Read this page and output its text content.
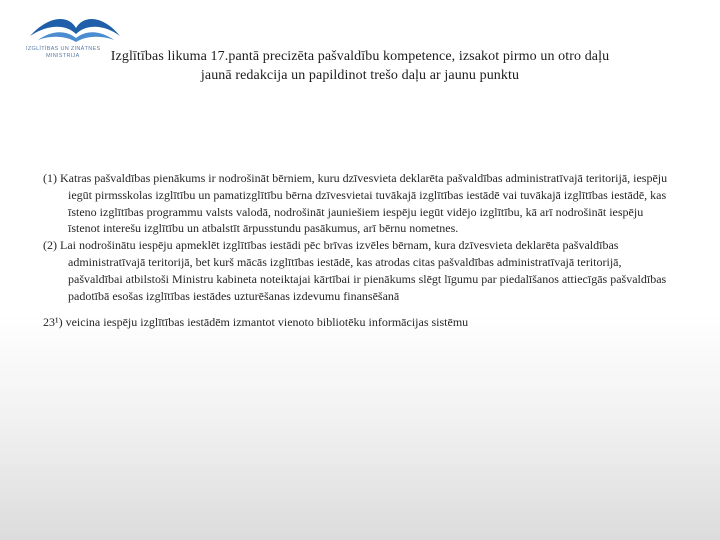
IZGLĪTĪBAS UN ZINĀTNES
MINISTRIJA	Izglītības likuma 17.pantā precizēta pašvaldību kompetence, izsakot pirmo un otro daļu
jaunā redakcija un papildinot trešo daļu ar jaunu punktu

(1) Katras pašvaldības pienākums ir nodrošināt bērniem, kuru dzīvesvieta deklarēta pašvaldības administratīvajā teritorijā, iespēju iegūt pirmsskolas izglītību un pamatizglītību bērna dzīvesvietai tuvākajā izglītības iestādē vai tuvākajā izglītības iestādē, kas īsteno izglītības programmu valsts valodā, nodrošināt jauniešiem iespēju iegūt vidējo izglītību, kā arī nodrošināt iespēju īstenot interešu izglītību un atbalstīt ārpusstundu pasākumus, arī bērnu nometnes.

(2) Lai nodrošinātu iespēju apmeklēt izglītības iestādi pēc brīvas izvēles bērnam, kura dzīvesvieta deklarēta pašvaldības administratīvajā teritorijā, bet kurš mācās izglītības iestādē, kas atrodas citas pašvaldības administratīvajā teritorijā, pašvaldībai atbilstoši Ministru kabineta noteiktajai kārtībai ir pienākums slēgt līgumu par piedalīšanos attiecīgās pašvaldības padotībā esošas izglītības iestādes uzturēšanas izdevumu finansēšanā

23¹) veicina iespēju izglītības iestādēm izmantot vienoto bibliotēku informācijas sistēmu
